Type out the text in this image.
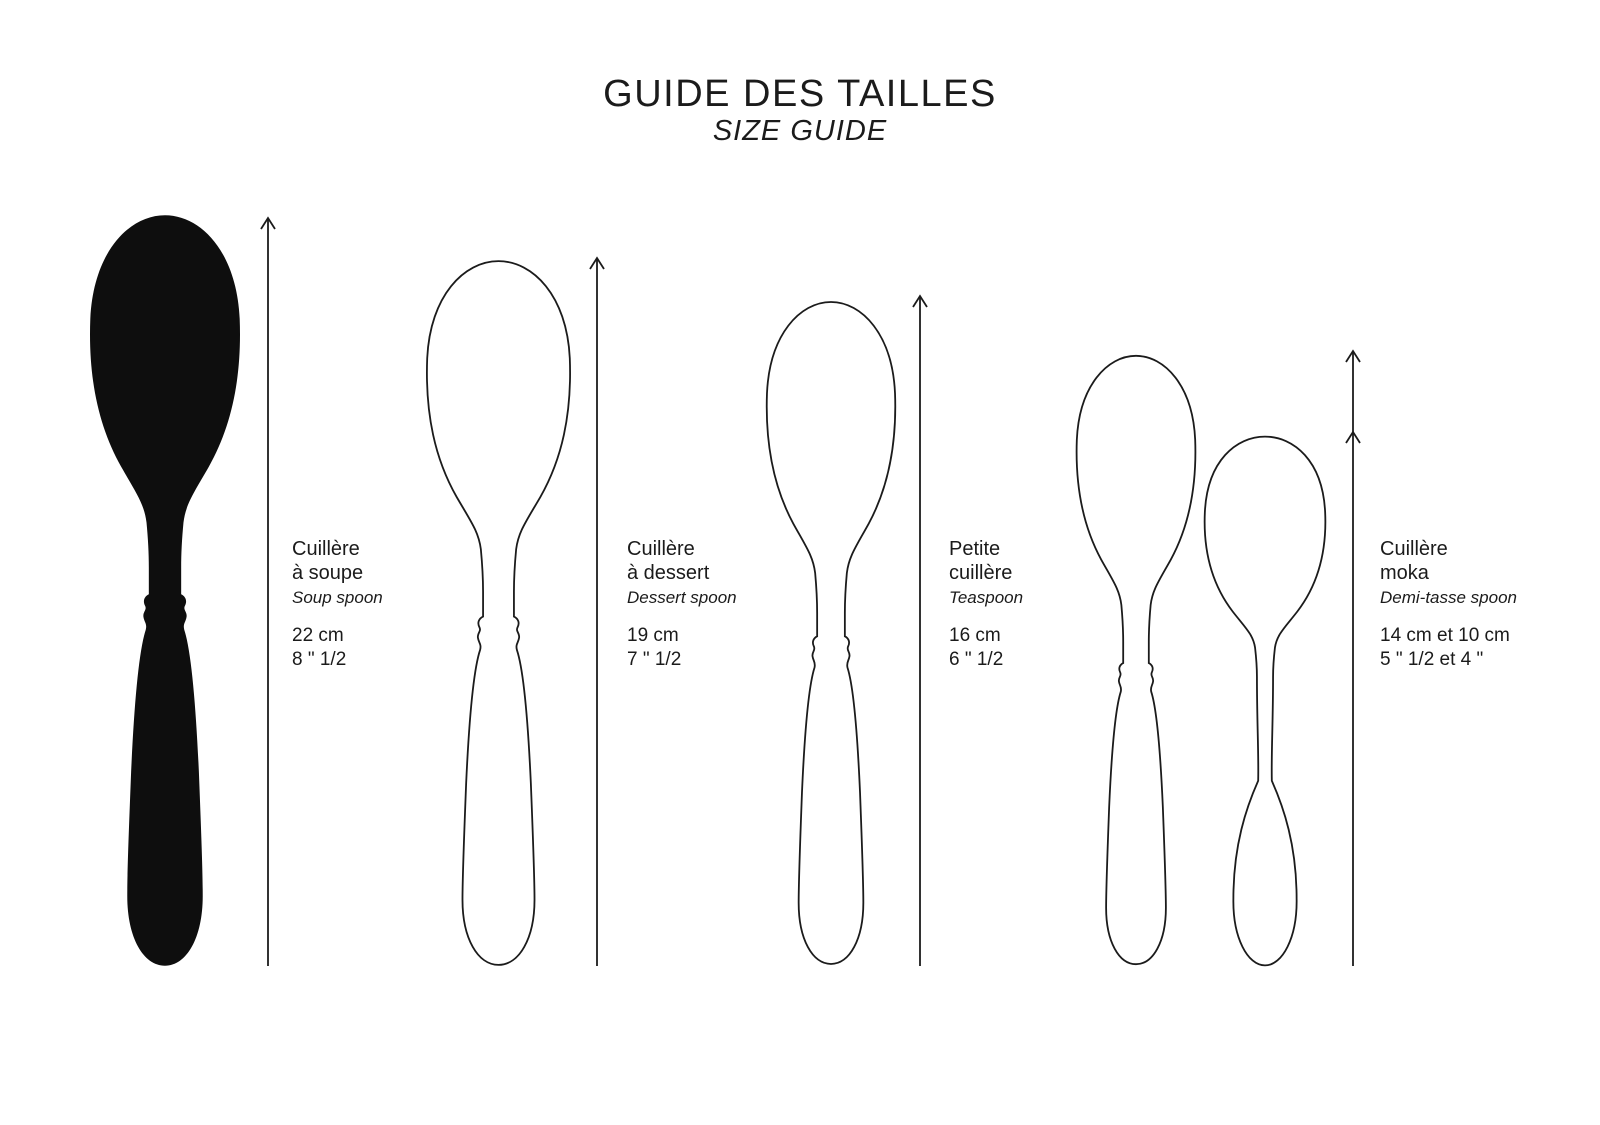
GUIDE DES TAILLES
SIZE GUIDE
Cuillère
à soupe
Soup spoon
22 cm
8 " 1/2
Cuillère
à dessert
Dessert spoon
19 cm
7 " 1/2
Petite
cuillère
Teaspoon
16 cm
6 " 1/2
Cuillère
moka
Demi-tasse spoon
14 cm et 10 cm
5 " 1/2 et 4 "
